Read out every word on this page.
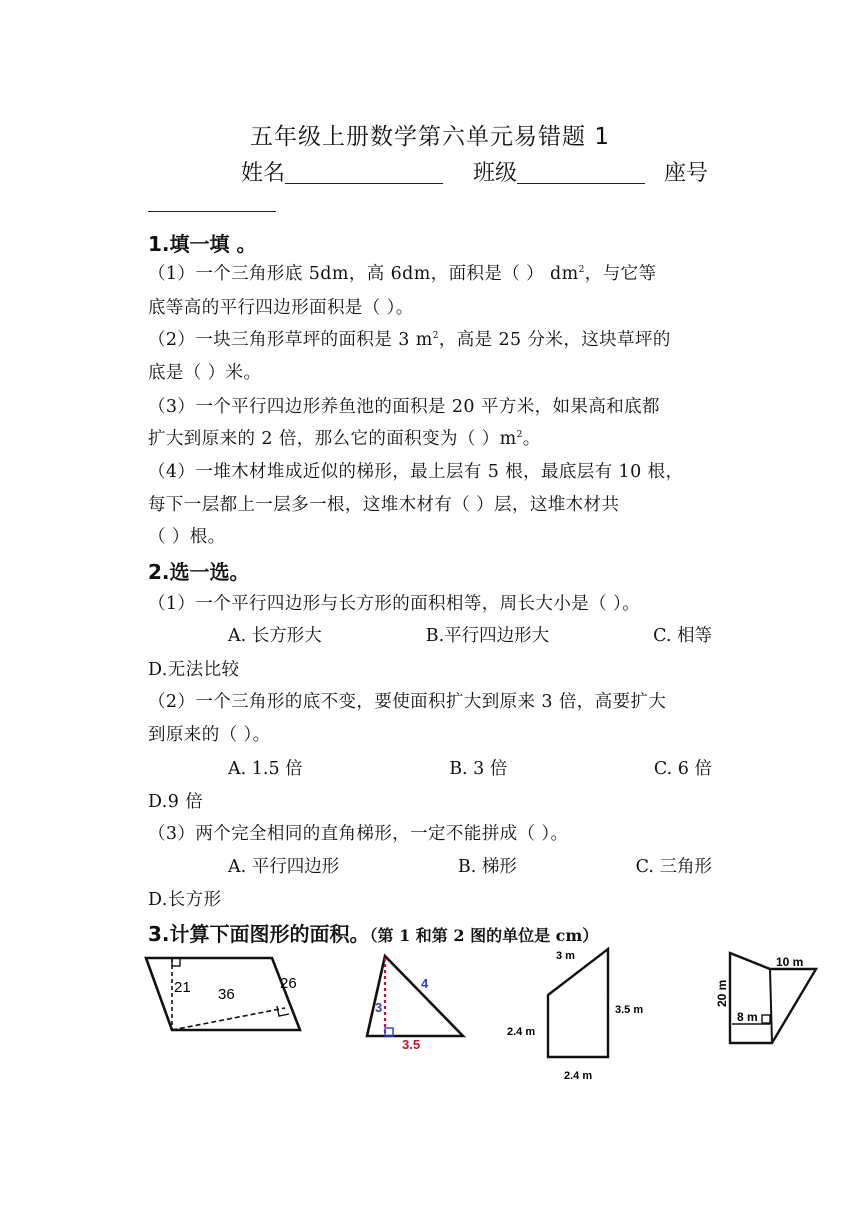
五年级上册数学第六单元易错题 1
姓名	班级	座号
1.填一填 。
（1）一个三角形底 5dm，高 6dm，面积是（ ） $dm^2$，与它等
底等高的平行四边形面积是（ ）。
（2）一块三角形草坪的面积是 3 $m^2$，高是 25 分米，这块草坪的
底是（ ）米。
（3）一个平行四边形养鱼池的面积是 20 平方米，如果高和底都
扩大到原来的 2 倍，那么它的面积变为（ ）$m^2$。
（4）一堆木材堆成近似的梯形，最上层有 5 根，最底层有 10 根，
每下一层都上一层多一根，这堆木材有（ ）层，这堆木材共
（ ）根。
2.选一选。
（1）一个平行四边形与长方形的面积相等，周长大小是（ ）。
A. 长方形大	B.平行四边形大	C. 相等
D.无法比较
（2）一个三角形的底不变，要使面积扩大到原来 3 倍，高要扩大
到原来的（ ）。
A. 1.5 倍	B. 3 倍	C. 6 倍
D.9 倍
（3）两个完全相同的直角梯形，一定不能拼成（ ）。
A. 平行四边形	B. 梯形	C. 三角形
D.长方形
3.计算下面图形的面积。（第 1 和第 2 图的单位是 cm）
21 36
26
3
4
3.5
3 m
3.5 m
2.4 m
2.4 m
10 m
20 m
8 m
